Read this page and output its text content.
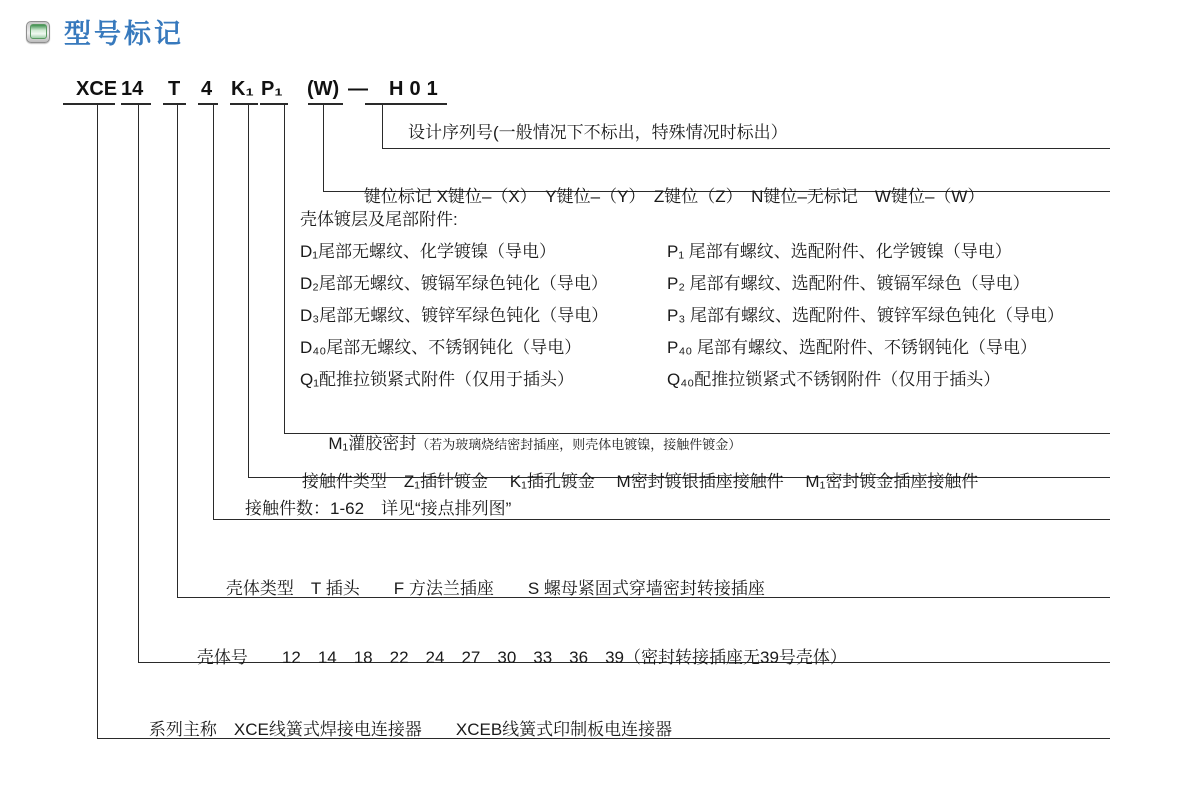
型号标记
XCE 14 T 4 K₁ P₁ (W) — H01
设计序列号(一般情况下不标出，特殊情况时标出）

键位标记 X键位–（X）　Y键位–（Y）　Z键位（Z）　N键位–无标记　W键位–（W）

壳体镀层及尾部附件:
D₁尾部无螺纹、化学镀镍（导电）	P₁ 尾部有螺纹、选配附件、化学镀镍（导电）
D₂尾部无螺纹、镀镉军绿色钝化（导电）	P₂ 尾部有螺纹、选配附件、镀镉军绿色（导电）
D₃尾部无螺纹、镀锌军绿色钝化（导电）	P₃ 尾部有螺纹、选配附件、镀锌军绿色钝化（导电）
D₄₀尾部无螺纹、不锈钢钝化（导电）	P₄₀ 尾部有螺纹、选配附件、不锈钢钝化（导电）
Q₁配推拉锁紧式附件（仅用于插头）	Q₄₀配推拉锁紧式不锈钢附件（仅用于插头）

M₁灌胶密封（若为玻璃烧结密封插座，则壳体电镀镍，接触件镀金）

接触件类型　 Z₁插针镀金　 K₁插孔镀金　 M密封镀银插座接触件　 M₁密封镀金插座接触件

接触件数：1-62　详见“接点排列图”

壳体类型　 T 插头　　F 方法兰插座　　S 螺母紧固式穿墙密封转接插座

壳体号　　 12　14　18　22　24　27　30　33　36　39（密封转接插座无39号壳体）

系列主称　 XCE线簧式焊接电连接器　　XCEB线簧式印制板电连接器
